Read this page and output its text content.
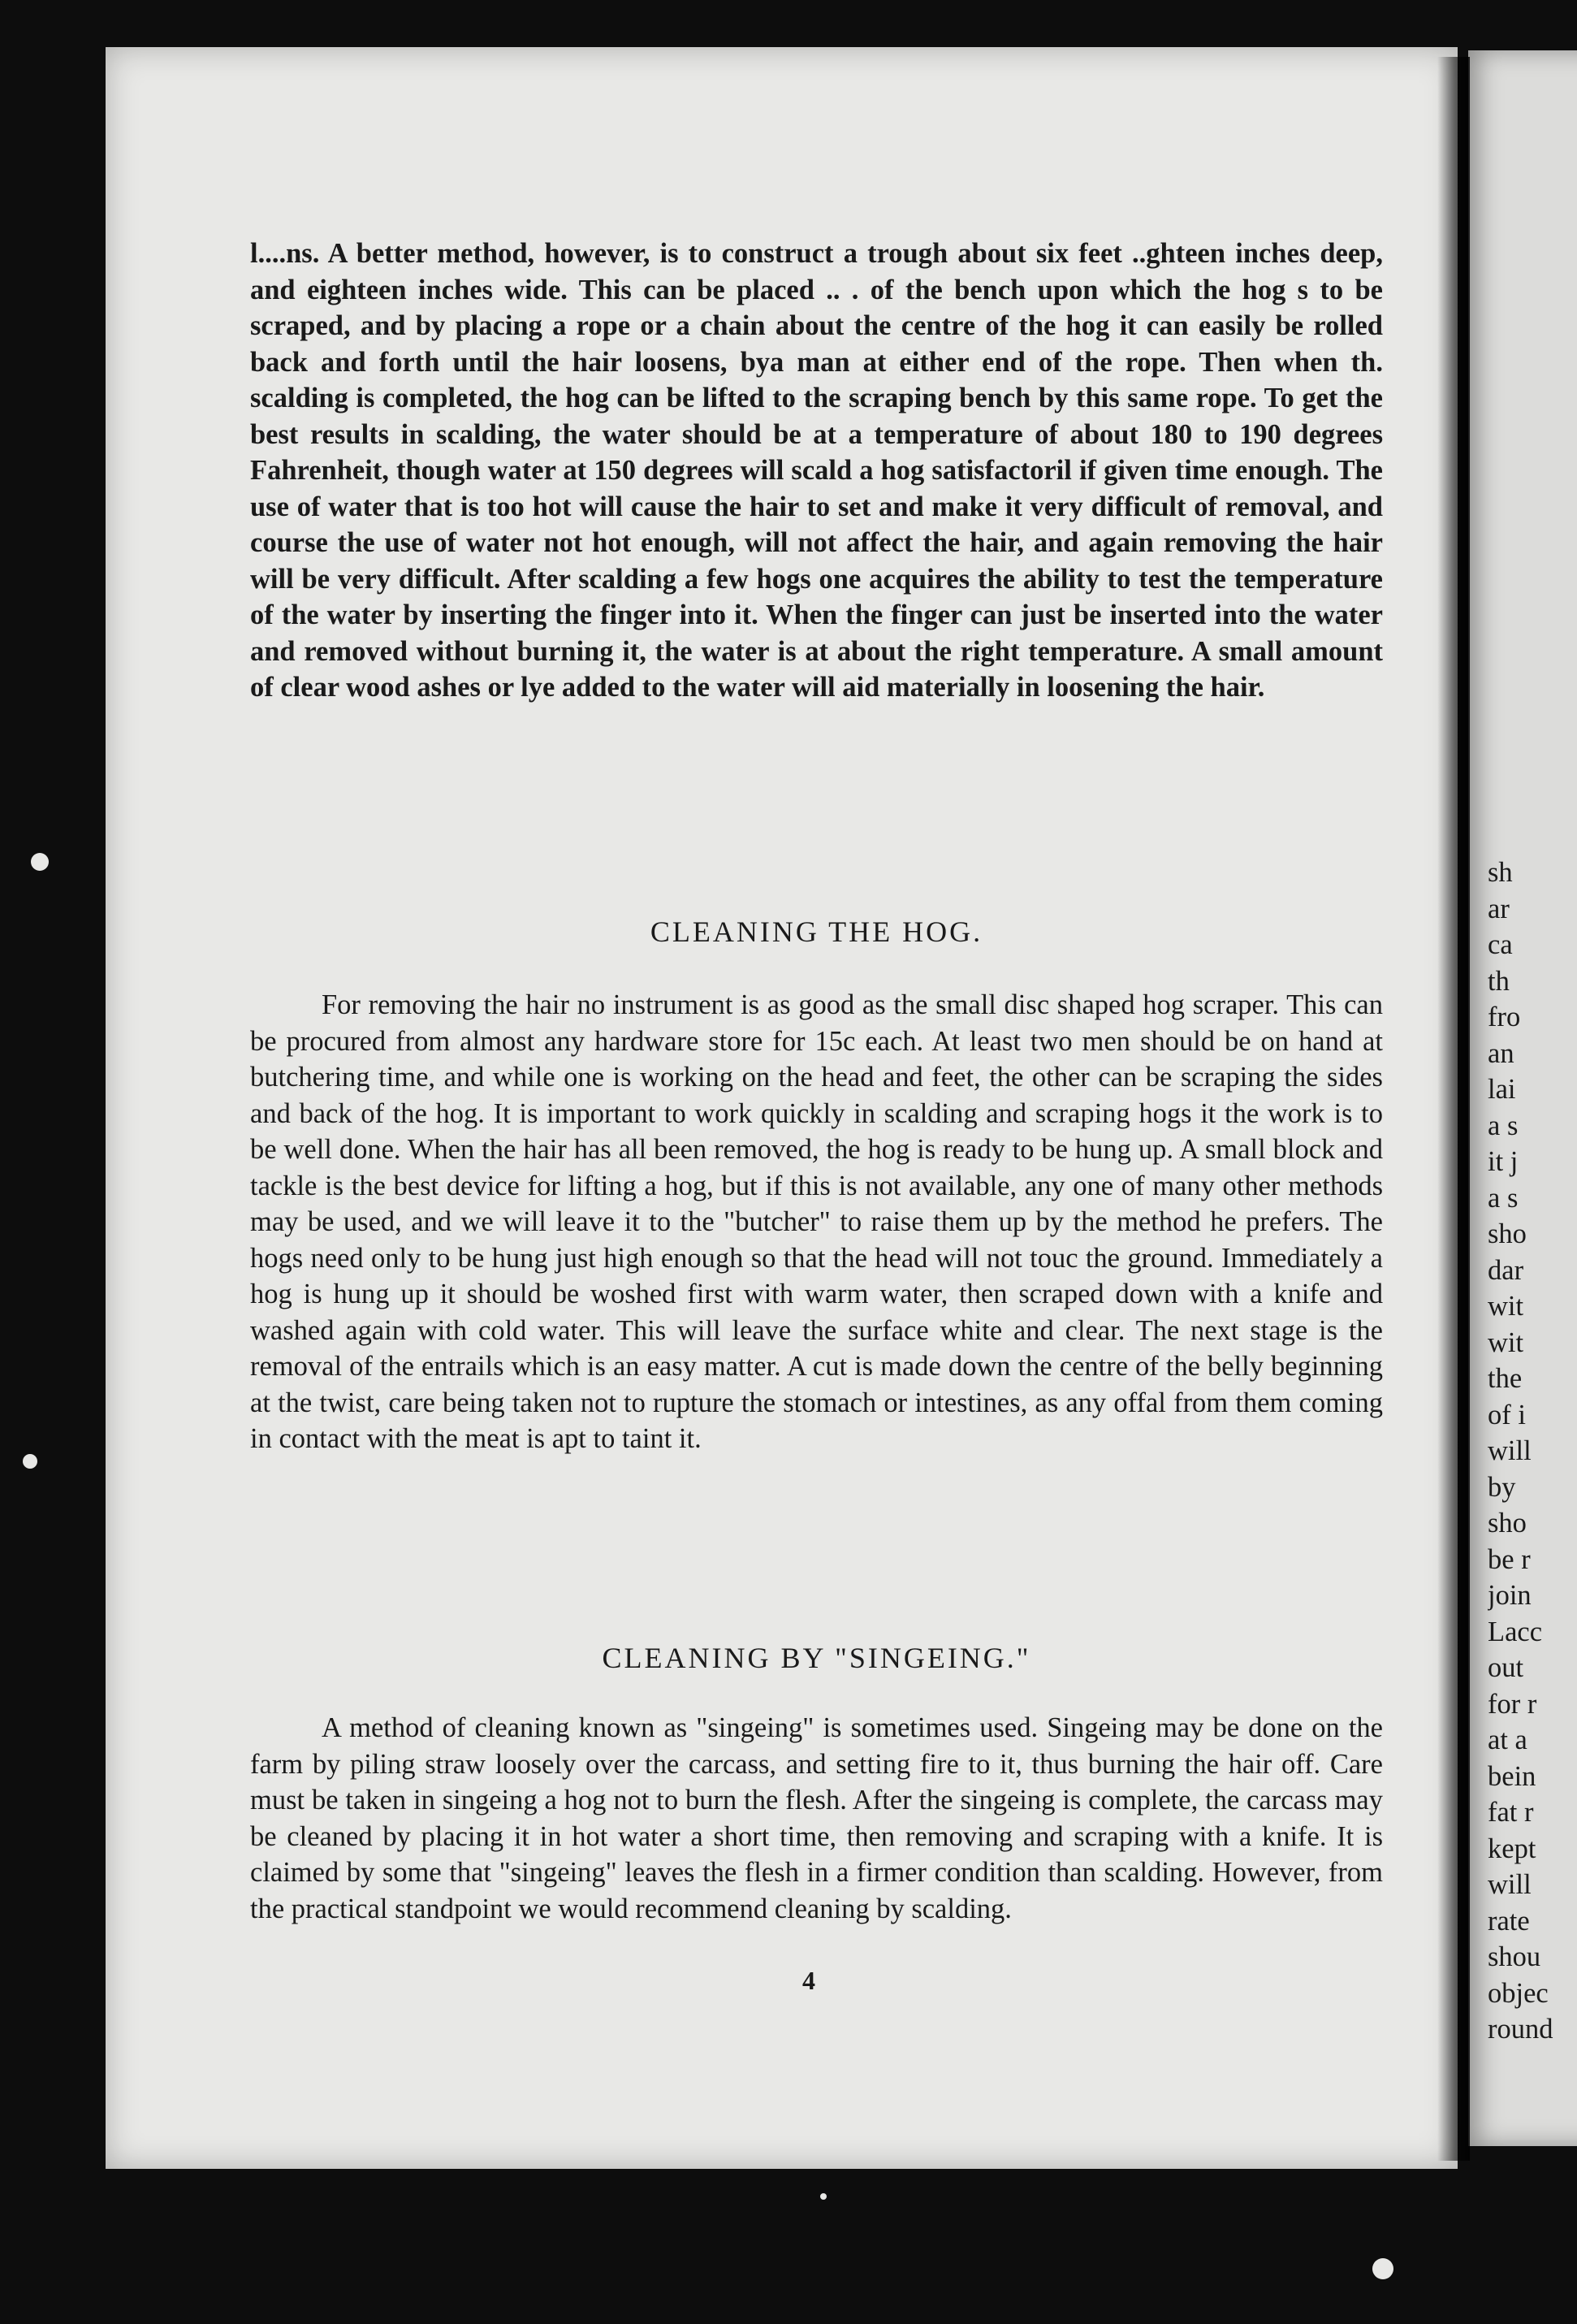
l....ns. A better method, however, is to construct a trough about six feet ..ghteen inches deep, and eighteen inches wide. This can be placed .. . of the bench upon which the hog s to be scraped, and by placing a rope or a chain about the centre of the hog it can easily be rolled back and forth until the hair loosens, bya man at either end of the rope. Then when th. scalding is completed, the hog can be lifted to the scraping bench by this same rope. To get the best results in scalding, the water should be at a temperature of about 180 to 190 degrees Fahrenheit, though water at 150 degrees will scald a hog satisfactoril if given time enough. The use of water that is too hot will cause the hair to set and make it very difficult of removal, and course the use of water not hot enough, will not affect the hair, and again removing the hair will be very difficult. After scalding a few hogs one acquires the ability to test the temperature of the water by inserting the finger into it. When the finger can just be inserted into the water and removed without burning it, the water is at about the right temperature. A small amount of clear wood ashes or lye added to the water will aid materially in loosening the hair.

CLEANING THE HOG.

For removing the hair no instrument is as good as the small disc shaped hog scraper. This can be procured from almost any hardware store for 15c each. At least two men should be on hand at butchering time, and while one is working on the head and feet, the other can be scraping the sides and back of the hog. It is important to work quickly in scalding and scraping hogs it the work is to be well done. When the hair has all been removed, the hog is ready to be hung up. A small block and tackle is the best device for lifting a hog, but if this is not available, any one of many other methods may be used, and we will leave it to the "butcher" to raise them up by the method he prefers. The hogs need only to be hung just high enough so that the head will not touc the ground. Immediately a hog is hung up it should be woshed first with warm water, then scraped down with a knife and washed again with cold water. This will leave the surface white and clear. The next stage is the removal of the entrails which is an easy matter. A cut is made down the centre of the belly beginning at the twist, care being taken not to rupture the stomach or intestines, as any offal from them coming in contact with the meat is apt to taint it.

CLEANING BY "SINGEING."

A method of cleaning known as "singeing" is sometimes used. Singeing may be done on the farm by piling straw loosely over the carcass, and setting fire to it, thus burning the hair off. Care must be taken in singeing a hog not to burn the flesh. After the singeing is complete, the carcass may be cleaned by placing it in hot water a short time, then removing and scraping with a knife. It is claimed by some that "singeing" leaves the flesh in a firmer condition than scalding. However, from the practical standpoint we would recommend cleaning by scalding.

4
sh
ar
ca
th
fro
an
lai
a s
it j
a s
sho
dar
wit
wit
the
of i
will
by
sho
be r
join
Lacc
out
for r
at a
bein
fat r
kept
will
rate
shou
objec
round
